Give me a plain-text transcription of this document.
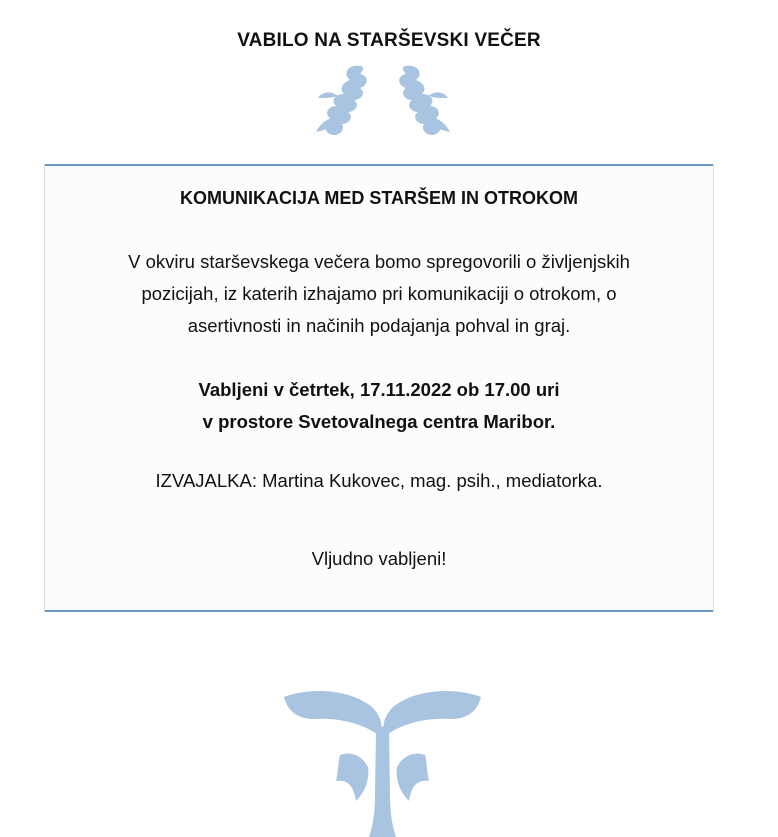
VABILO NA STARŠEVSKI VEČER
KOMUNIKACIJA MED STARŠEM IN OTROKOM

V okviru starševskega večera bomo spregovorili o življenjskih

pozicijah, iz katerih izhajamo pri komunikaciji o otrokom, o

asertivnosti in načinih podajanja pohval in graj.

Vabljeni v četrtek, 17.11.2022 ob 17.00 uri
v prostore Svetovalnega centra Maribor.
IZVAJALKA: Martina Kukovec, mag. psih., mediatorka.
Vljudno vabljeni!
